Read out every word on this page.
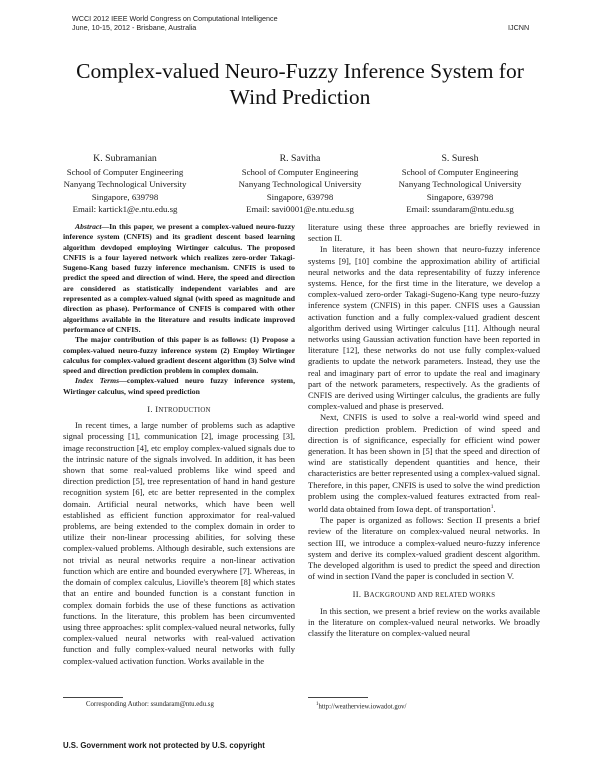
WCCI 2012 IEEE World Congress on Computational Intelligence
June, 10-15, 2012 - Brisbane, Australia	IJCNN
Complex-valued Neuro-Fuzzy Inference System for
Wind Prediction
K. Subramanian
School of Computer Engineering
Nanyang Technological University
Singapore, 639798
Email: kartick1@e.ntu.edu.sg
R. Savitha
School of Computer Engineering
Nanyang Technological University
Singapore, 639798
Email: savi0001@e.ntu.edu.sg
S. Suresh
School of Computer Engineering
Nanyang Technological University
Singapore, 639798
Email: ssundaram@ntu.edu.sg

Abstract—In this paper, we present a complex-valued neuro-fuzzy inference system (CNFIS) and its gradient descent based learning algorithm devdoped employing Wirtinger calculus. The proposed CNFIS is a four layered network which realizes zero-order Takagi-Sugeno-Kang based fuzzy inference mechanism. CNFIS is used to predict the speed and direction of wind. Here, the speed and direction are considered as statistically independent variables and are represented as a complex-valued signal (with speed as magnitude and direction as phase). Performance of CNFIS is compared with other algorithms available in the literature and results indicate improved performance of CNFIS.

The major contribution of this paper is as follows: (1) Propose a complex-valued neuro-fuzzy inference system (2) Employ Wirtinger calculus for complex-valued gradient descent algorithm (3) Solve wind speed and direction prediction problem in complex domain.

Index Terms—complex-valued neuro fuzzy inference system, Wirtinger calculus, wind speed prediction

I. INTRODUCTION

In recent times, a large number of problems such as adaptive signal processing [1], communication [2], image processing [3], image reconstruction [4], etc employ complex-valued signals due to the intrinsic nature of the signals involved. In addition, it has been shown that some real-valued problems like wind speed and direction prediction [5], tree representation of hand in hand gesture recognition system [6], etc are better represented in the complex domain. Artificial neural networks, which have been well established as efficient function approximator for real-valued problems, are being extended to the complex domain in order to utilize their non-linear processing abilities, for solving these complex-valued problems. Although desirable, such extensions are not trivial as neural networks require a non-linear activation function which are entire and bounded everywhere [7]. Whereas, in the domain of complex calculus, Lioville's theorem [8] which states that an entire and bounded function is a constant function in complex domain forbids the use of these functions as activation functions. In the literature, this problem has been circumvented using three approaches: split complex-valued neural networks, fully complex-valued neural networks with real-valued activation function and fully complex-valued neural networks with fully complex-valued activation function. Works available in the

literature using these three approaches are briefly reviewed in section II.

In literature, it has been shown that neuro-fuzzy inference systems [9], [10] combine the approximation ability of artificial neural networks and the data representability of fuzzy inference systems. Hence, for the first time in the literature, we develop a complex-valued zero-order Takagi-Sugeno-Kang type neuro-fuzzy inference system (CNFIS) in this paper. CNFIS uses a Gaussian activation function and a fully complex-valued gradient descent algorithm derived using Wirtinger calculus [11]. Although neural networks using Gaussian activation function have been reported in literature [12], these networks do not use fully complex-valued gradients to update the network parameters. Instead, they use the real and imaginary part of error to update the real and imaginary part of the network parameters, respectively. As the gradients of CNFIS are derived using Wirtinger calculus, the gradients are fully complex-valued and phase is preserved.

Next, CNFIS is used to solve a real-world wind speed and direction prediction problem. Prediction of wind speed and direction is of significance, especially for efficient wind power generation. It has been shown in [5] that the speed and direction of wind are statistically dependent quantities and hence, their characteristics are better represented using a complex-valued signal. Therefore, in this paper, CNFIS is used to solve the wind prediction problem using the complex-valued features extracted from real-world data obtained from Iowa dept. of transportation$^1$.

The paper is organized as follows: Section II presents a brief review of the literature on complex-valued neural networks. In section III, we introduce a complex-valued neuro-fuzzy inference system and derive its complex-valued gradient descent algorithm. The developed algorithm is used to predict the speed and direction of wind in section IVand the paper is concluded in section V.

II. BACKGROUND AND RELATED WORKS

In this section, we present a brief review on the works available in the literature on complex-valued neural networks. We broadly classify the literature on complex-valued neural

Corresponding Author: ssundaram@ntu.edu.sg	$^1$http://weatherview.iowadot.gov/
U.S. Government work not protected by U.S. copyright
